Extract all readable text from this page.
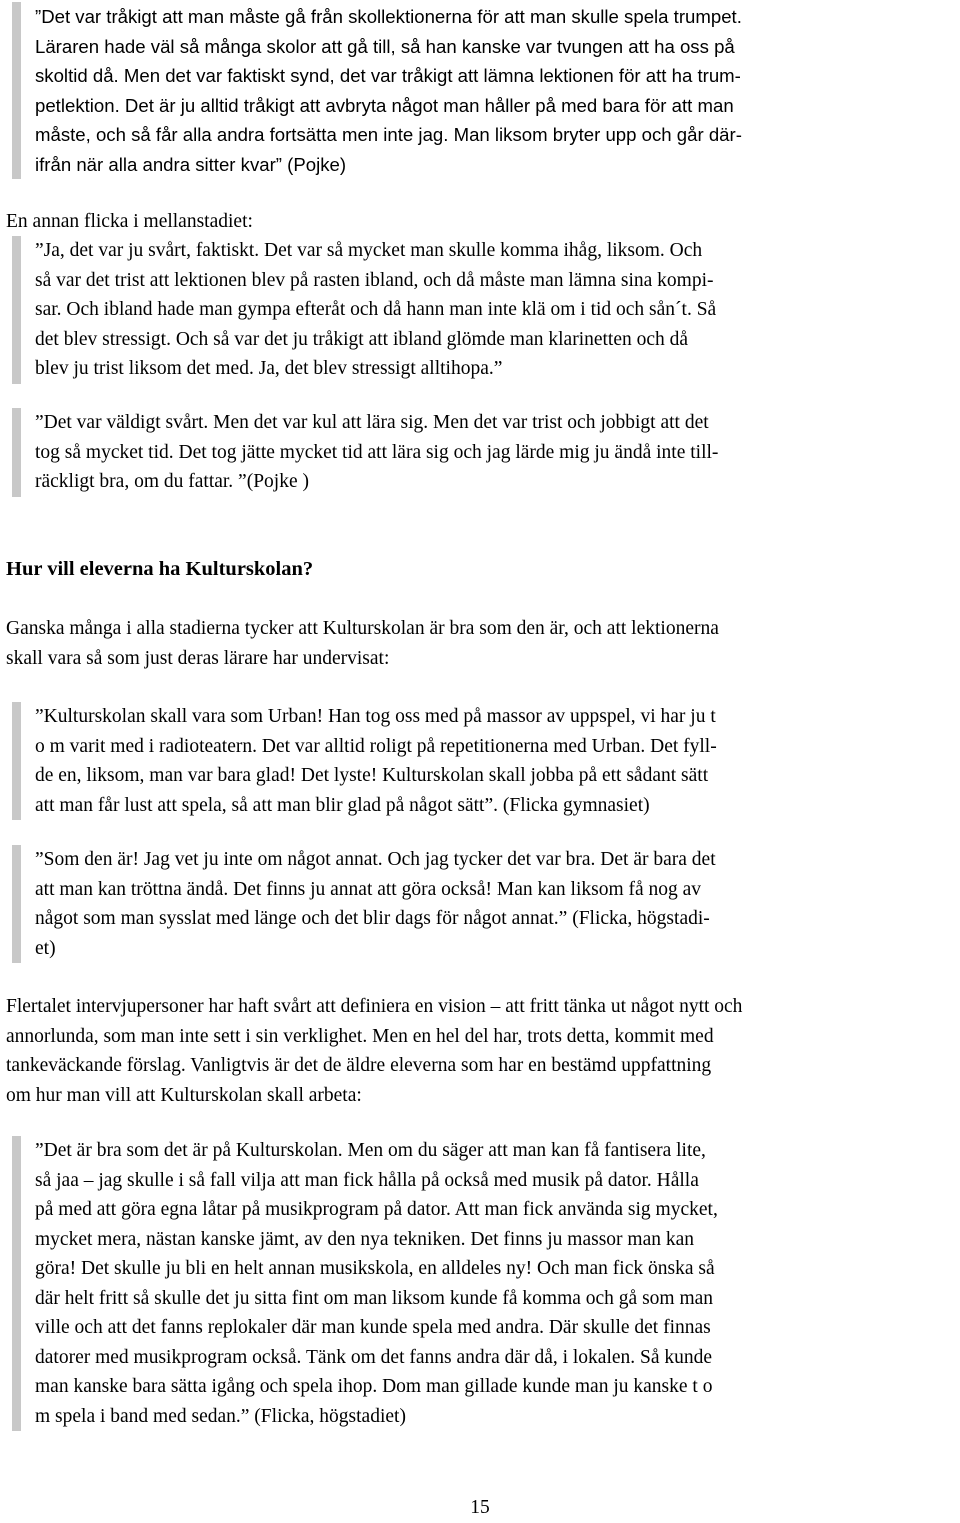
”Det var tråkigt att man måste gå från skollektionerna för att man skulle spela trumpet.
Läraren hade väl så många skolor att gå till, så han kanske var tvungen att ha oss på
skoltid då. Men det var faktiskt synd, det var tråkigt att lämna lektionen för att ha trum-
petlektion. Det är ju alltid tråkigt att avbryta något man håller på med bara för att man
måste, och så får alla andra fortsätta men inte jag. Man liksom bryter upp och går där-
ifrån när alla andra sitter kvar” (Pojke)

En annan flicka i mellanstadiet:

”Ja, det var ju svårt, faktiskt. Det var så mycket man skulle komma ihåg, liksom. Och
så var det trist att lektionen blev på rasten ibland, och då måste man lämna sina kompi-
sar. Och ibland hade man gympa efteråt och då hann man inte klä om i tid och sån´t. Så
det blev stressigt. Och så var det ju tråkigt att ibland glömde man klarinetten och då
blev ju trist liksom det med. Ja, det blev stressigt alltihopa.”

”Det var väldigt svårt. Men det var kul att lära sig. Men det var trist och jobbigt att det
tog så mycket tid. Det tog jätte mycket tid att lära sig och jag lärde mig ju ändå inte till-
räckligt bra, om du fattar. ”(Pojke )

Hur vill eleverna ha Kulturskolan?

Ganska många i alla stadierna tycker att Kulturskolan är bra som den är, och att lektionerna
skall vara så som just deras lärare har undervisat:

”Kulturskolan skall vara som Urban! Han tog oss med på massor av uppspel, vi har ju t
o m varit med i radioteatern. Det var alltid roligt på repetitionerna med Urban. Det fyll-
de en, liksom, man var bara glad! Det lyste! Kulturskolan skall jobba på ett sådant sätt
att man får lust att spela, så att man blir glad på något sätt”. (Flicka gymnasiet)

”Som den är! Jag vet ju inte om något annat. Och jag tycker det var bra. Det är bara det
att man kan tröttna ändå. Det finns ju annat att göra också! Man kan liksom få nog av
något som man sysslat med länge och det blir dags för något annat.” (Flicka, högstadi-
et)

Flertalet intervjupersoner har haft svårt att definiera en vision – att fritt tänka ut något nytt och
annorlunda, som man inte sett i sin verklighet. Men en hel del har, trots detta, kommit med
tankeväckande förslag. Vanligtvis är det de äldre eleverna som har en bestämd uppfattning
om hur man vill att Kulturskolan skall arbeta:

”Det är bra som det är på Kulturskolan. Men om du säger att man kan få fantisera lite,
så jaa – jag skulle i så fall vilja att man fick hålla på också med musik på dator. Hålla
på med att göra egna låtar på musikprogram på dator. Att man fick använda sig mycket,
mycket mera, nästan kanske jämt, av den nya tekniken. Det finns ju massor man kan
göra! Det skulle ju bli en helt annan musikskola, en alldeles ny! Och man fick önska så
där helt fritt så skulle det ju sitta fint om man liksom kunde få komma och gå som man
ville och att det fanns replokaler där man kunde spela med andra. Där skulle det finnas
datorer med musikprogram också. Tänk om det fanns andra där då, i lokalen. Så kunde
man kanske bara sätta igång och spela ihop. Dom man gillade kunde man ju kanske t o
m spela i band med sedan.” (Flicka, högstadiet)

15
